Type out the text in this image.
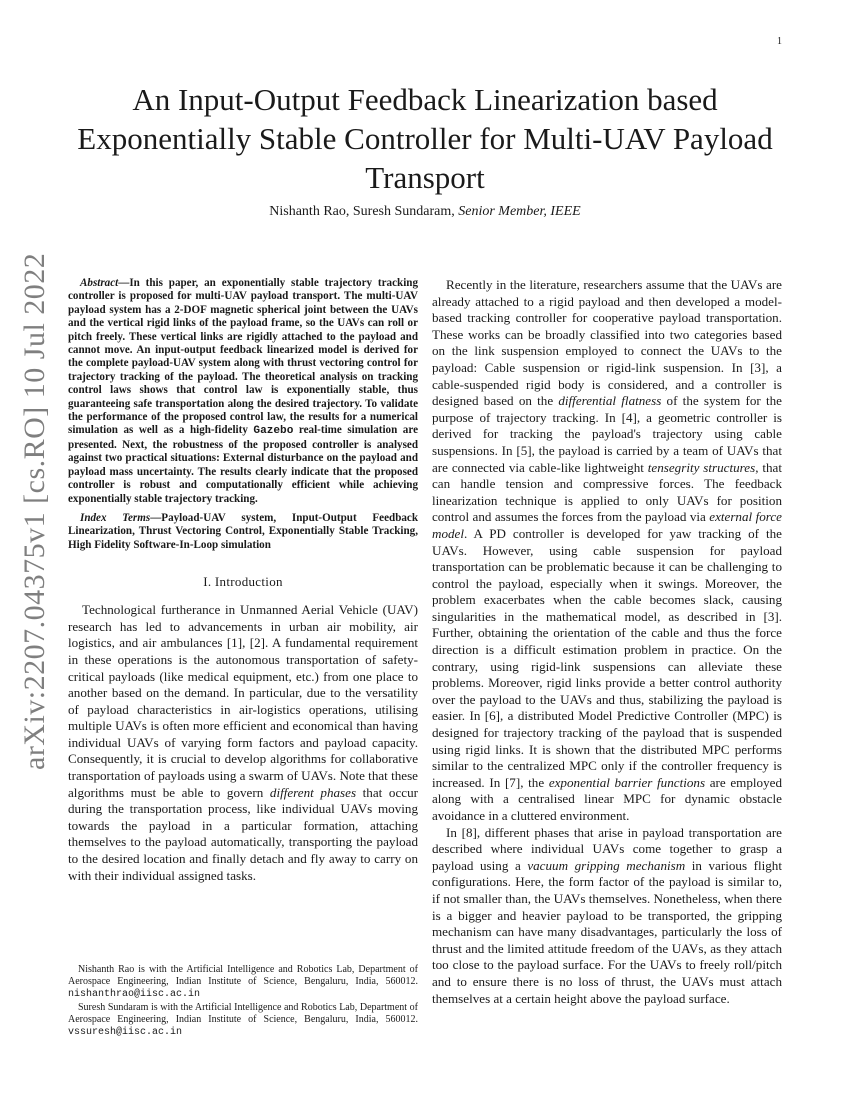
1
arXiv:2207.04375v1 [cs.RO] 10 Jul 2022
An Input-Output Feedback Linearization based Exponentially Stable Controller for Multi-UAV Payload Transport
Nishanth Rao, Suresh Sundaram, Senior Member, IEEE

Abstract—In this paper, an exponentially stable trajectory tracking controller is proposed for multi-UAV payload transport. The multi-UAV payload system has a 2-DOF magnetic spherical joint between the UAVs and the vertical rigid links of the payload frame, so the UAVs can roll or pitch freely. These vertical links are rigidly attached to the payload and cannot move. An input-output feedback linearized model is derived for the complete payload-UAV system along with thrust vectoring control for trajectory tracking of the payload. The theoretical analysis on tracking control laws shows that control law is exponentially stable, thus guaranteeing safe transportation along the desired trajectory. To validate the performance of the proposed control law, the results for a numerical simulation as well as a high-fidelity Gazebo real-time simulation are presented. Next, the robustness of the proposed controller is analysed against two practical situations: External disturbance on the payload and payload mass uncertainty. The results clearly indicate that the proposed controller is robust and computationally efficient while achieving exponentially stable trajectory tracking.

Index Terms—Payload-UAV system, Input-Output Feedback Linearization, Thrust Vectoring Control, Exponentially Stable Tracking, High Fidelity Software-In-Loop simulation

I. Introduction

Technological furtherance in Unmanned Aerial Vehicle (UAV) research has led to advancements in urban air mobility, air logistics, and air ambulances [1], [2]. A fundamental requirement in these operations is the autonomous transportation of safety-critical payloads (like medical equipment, etc.) from one place to another based on the demand. In particular, due to the versatility of payload characteristics in air-logistics operations, utilising multiple UAVs is often more efficient and economical than having individual UAVs of varying form factors and payload capacity. Consequently, it is crucial to develop algorithms for collaborative transportation of payloads using a swarm of UAVs. Note that these algorithms must be able to govern different phases that occur during the transportation process, like individual UAVs moving towards the payload in a particular formation, attaching themselves to the payload automatically, transporting the payload to the desired location and finally detach and fly away to carry on with their individual assigned tasks.

Nishanth Rao is with the Artificial Intelligence and Robotics Lab, Department of Aerospace Engineering, Indian Institute of Science, Bengaluru, India, 560012. nishanthrao@iisc.ac.in

Suresh Sundaram is with the Artificial Intelligence and Robotics Lab, Department of Aerospace Engineering, Indian Institute of Science, Bengaluru, India, 560012. vssuresh@iisc.ac.in

Recently in the literature, researchers assume that the UAVs are already attached to a rigid payload and then developed a model-based tracking controller for cooperative payload transportation. These works can be broadly classified into two categories based on the link suspension employed to connect the UAVs to the payload: Cable suspension or rigid-link suspension. In [3], a cable-suspended rigid body is considered, and a controller is designed based on the differential flatness of the system for the purpose of trajectory tracking. In [4], a geometric controller is derived for tracking the payload's trajectory using cable suspensions. In [5], the payload is carried by a team of UAVs that are connected via cable-like lightweight tensegrity structures, that can handle tension and compressive forces. The feedback linearization technique is applied to only UAVs for position control and assumes the forces from the payload via external force model. A PD controller is developed for yaw tracking of the UAVs. However, using cable suspension for payload transportation can be problematic because it can be challenging to control the payload, especially when it swings. Moreover, the problem exacerbates when the cable becomes slack, causing singularities in the mathematical model, as described in [3]. Further, obtaining the orientation of the cable and thus the force direction is a difficult estimation problem in practice. On the contrary, using rigid-link suspensions can alleviate these problems. Moreover, rigid links provide a better control authority over the payload to the UAVs and thus, stabilizing the payload is easier. In [6], a distributed Model Predictive Controller (MPC) is designed for trajectory tracking of the payload that is suspended using rigid links. It is shown that the distributed MPC performs similar to the centralized MPC only if the controller frequency is increased. In [7], the exponential barrier functions are employed along with a centralised linear MPC for dynamic obstacle avoidance in a cluttered environment.

In [8], different phases that arise in payload transportation are described where individual UAVs come together to grasp a payload using a vacuum gripping mechanism in various flight configurations. Here, the form factor of the payload is similar to, if not smaller than, the UAVs themselves. Nonetheless, when there is a bigger and heavier payload to be transported, the gripping mechanism can have many disadvantages, particularly the loss of thrust and the limited attitude freedom of the UAVs, as they attach too close to the payload surface. For the UAVs to freely roll/pitch and to ensure there is no loss of thrust, the UAVs must attach themselves at a certain height above the payload surface.
